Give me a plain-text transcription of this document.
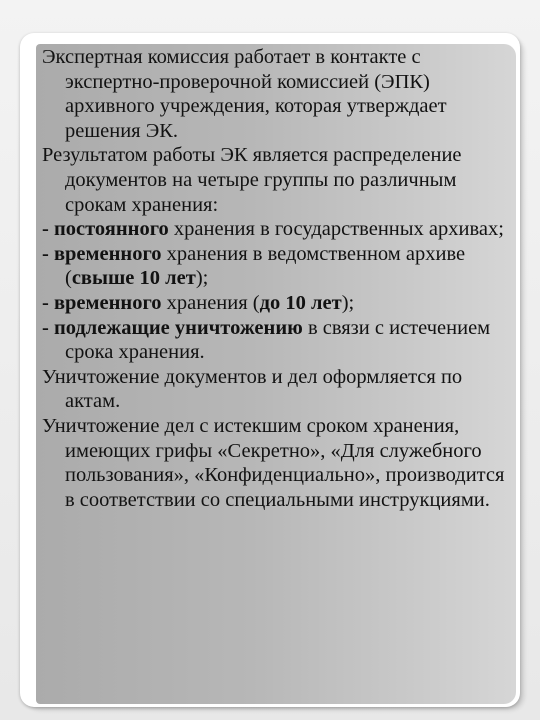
Экспертная комиссия работает в контакте с экспертно-проверочной комиссией (ЭПК) архивного учреждения, которая утверждает решения ЭК.

Результатом работы ЭК является распределение документов на четыре группы по различным срокам хранения:

- постоянного хранения в государственных архивах;

- временного хранения в ведомственном архиве (свыше 10 лет);

- временного хранения (до 10 лет);

- подлежащие уничтожению в связи с истечением срока хранения.

Уничтожение документов и дел оформляется по актам.

Уничтожение дел с истекшим сроком хранения, имеющих грифы «Секретно», «Для служебного пользования», «Конфиденциально», производится в соответствии со специальными инструкциями.
